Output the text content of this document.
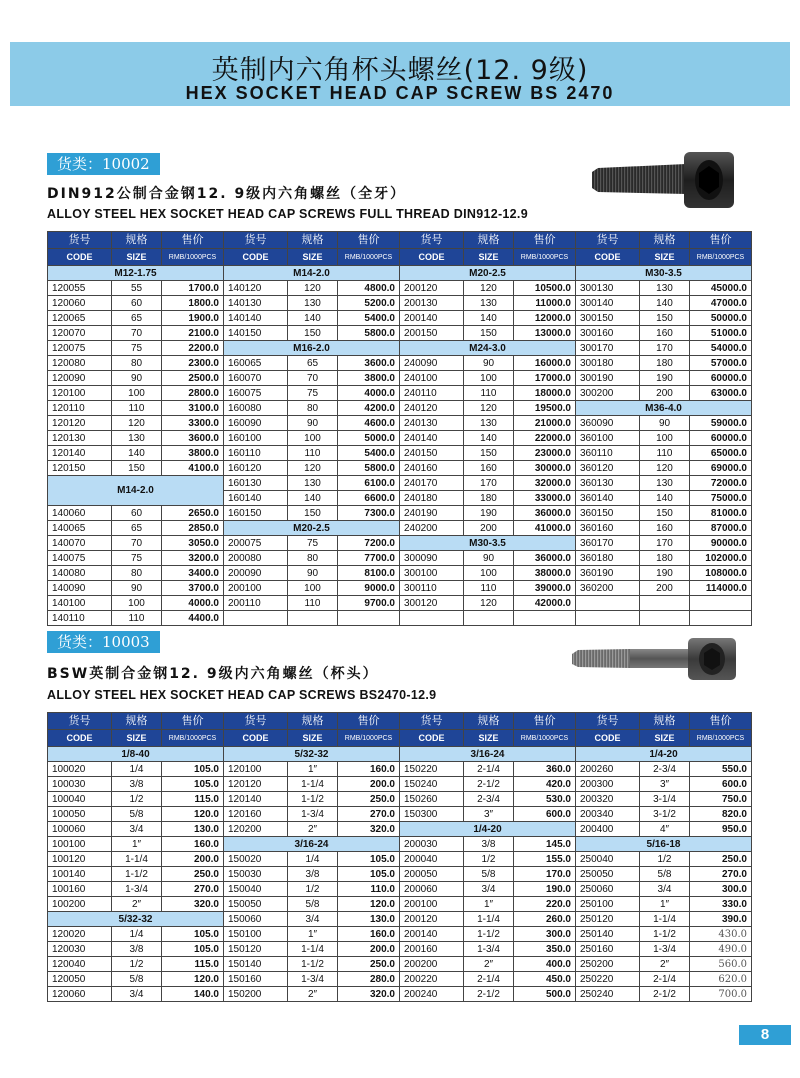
英制内六角杯头螺丝(12. 9级)
HEX SOCKET HEAD CAP SCREW BS 2470
货类：10002
DIN912公制合金钢12. 9级内六角螺丝（全牙）
ALLOY STEEL HEX SOCKET HEAD CAP SCREWS FULL THREAD DIN912-12.9
货号	规格	售价	货号	规格	售价	货号	规格	售价	货号	规格	售价
CODE	SIZE	RMB/1000PCS	CODE	SIZE	RMB/1000PCS	CODE	SIZE	RMB/1000PCS	CODE	SIZE	RMB/1000PCS
M12-1.75			M14-2.0			M20-2.5			M30-3.5		
120055	55	1700.0	140120	120	4800.0	200120	120	10500.0	300130	130	45000.0
120060	60	1800.0	140130	130	5200.0	200130	130	11000.0	300140	140	47000.0
120065	65	1900.0	140140	140	5400.0	200140	140	12000.0	300150	150	50000.0
120070	70	2100.0	140150	150	5800.0	200150	150	13000.0	300160	160	51000.0
120075	75	2200.0	M16-2.0			M24-3.0			300170	170	54000.0
120080	80	2300.0	160065	65	3600.0	240090	90	16000.0	300180	180	57000.0
120090	90	2500.0	160070	70	3800.0	240100	100	17000.0	300190	190	60000.0
120100	100	2800.0	160075	75	4000.0	240110	110	18000.0	300200	200	63000.0
120110	110	3100.0	160080	80	4200.0	240120	120	19500.0	M36-4.0		
120120	120	3300.0	160090	90	4600.0	240130	130	21000.0	360090	90	59000.0
120130	130	3600.0	160100	100	5000.0	240140	140	22000.0	360100	100	60000.0
120140	140	3800.0	160110	110	5400.0	240150	150	23000.0	360110	110	65000.0
120150	150	4100.0	160120	120	5800.0	240160	160	30000.0	360120	120	69000.0
M14-2.0			160130	130	6100.0	240170	170	32000.0	360130	130	72000.0
			160140	140	6600.0	240180	180	33000.0	360140	140	75000.0
140060	60	2650.0	160150	150	7300.0	240190	190	36000.0	360150	150	81000.0
140065	65	2850.0	M20-2.5			240200	200	41000.0	360160	160	87000.0
140070	70	3050.0	200075	75	7200.0	M30-3.5			360170	170	90000.0
140075	75	3200.0	200080	80	7700.0	300090	90	36000.0	360180	180	102000.0
140080	80	3400.0	200090	90	8100.0	300100	100	38000.0	360190	190	108000.0
140090	90	3700.0	200100	100	9000.0	300110	110	39000.0	360200	200	114000.0
140100	100	4000.0	200110	110	9700.0	300120	120	42000.0			
140110	110	4400.0									
货类：10003
BSW英制合金钢12. 9级内六角螺丝（杯头）
ALLOY STEEL HEX SOCKET HEAD CAP SCREWS BS2470-12.9
货号	规格	售价	货号	规格	售价	货号	规格	售价	货号	规格	售价
CODE	SIZE	RMB/1000PCS	CODE	SIZE	RMB/1000PCS	CODE	SIZE	RMB/1000PCS	CODE	SIZE	RMB/1000PCS
1/8-40			5/32-32			3/16-24			1/4-20		
100020	1/4	105.0	120100	1″	160.0	150220	2-1/4	360.0	200260	2-3/4	550.0
100030	3/8	105.0	120120	1-1/4	200.0	150240	2-1/2	420.0	200300	3″	600.0
100040	1/2	115.0	120140	1-1/2	250.0	150260	2-3/4	530.0	200320	3-1/4	750.0
100050	5/8	120.0	120160	1-3/4	270.0	150300	3″	600.0	200340	3-1/2	820.0
100060	3/4	130.0	120200	2″	320.0	1/4-20			200400	4″	950.0
100100	1″	160.0	3/16-24			200030	3/8	145.0	5/16-18		
100120	1-1/4	200.0	150020	1/4	105.0	200040	1/2	155.0	250040	1/2	250.0
100140	1-1/2	250.0	150030	3/8	105.0	200050	5/8	170.0	250050	5/8	270.0
100160	1-3/4	270.0	150040	1/2	110.0	200060	3/4	190.0	250060	3/4	300.0
100200	2″	320.0	150050	5/8	120.0	200100	1″	220.0	250100	1″	330.0
5/32-32			150060	3/4	130.0	200120	1-1/4	260.0	250120	1-1/4	390.0
120020	1/4	105.0	150100	1″	160.0	200140	1-1/2	300.0	250140	1-1/2	430.0
120030	3/8	105.0	150120	1-1/4	200.0	200160	1-3/4	350.0	250160	1-3/4	490.0
120040	1/2	115.0	150140	1-1/2	250.0	200200	2″	400.0	250200	2″	560.0
120050	5/8	120.0	150160	1-3/4	280.0	200220	2-1/4	450.0	250220	2-1/4	620.0
120060	3/4	140.0	150200	2″	320.0	200240	2-1/2	500.0	250240	2-1/2	700.0
8
